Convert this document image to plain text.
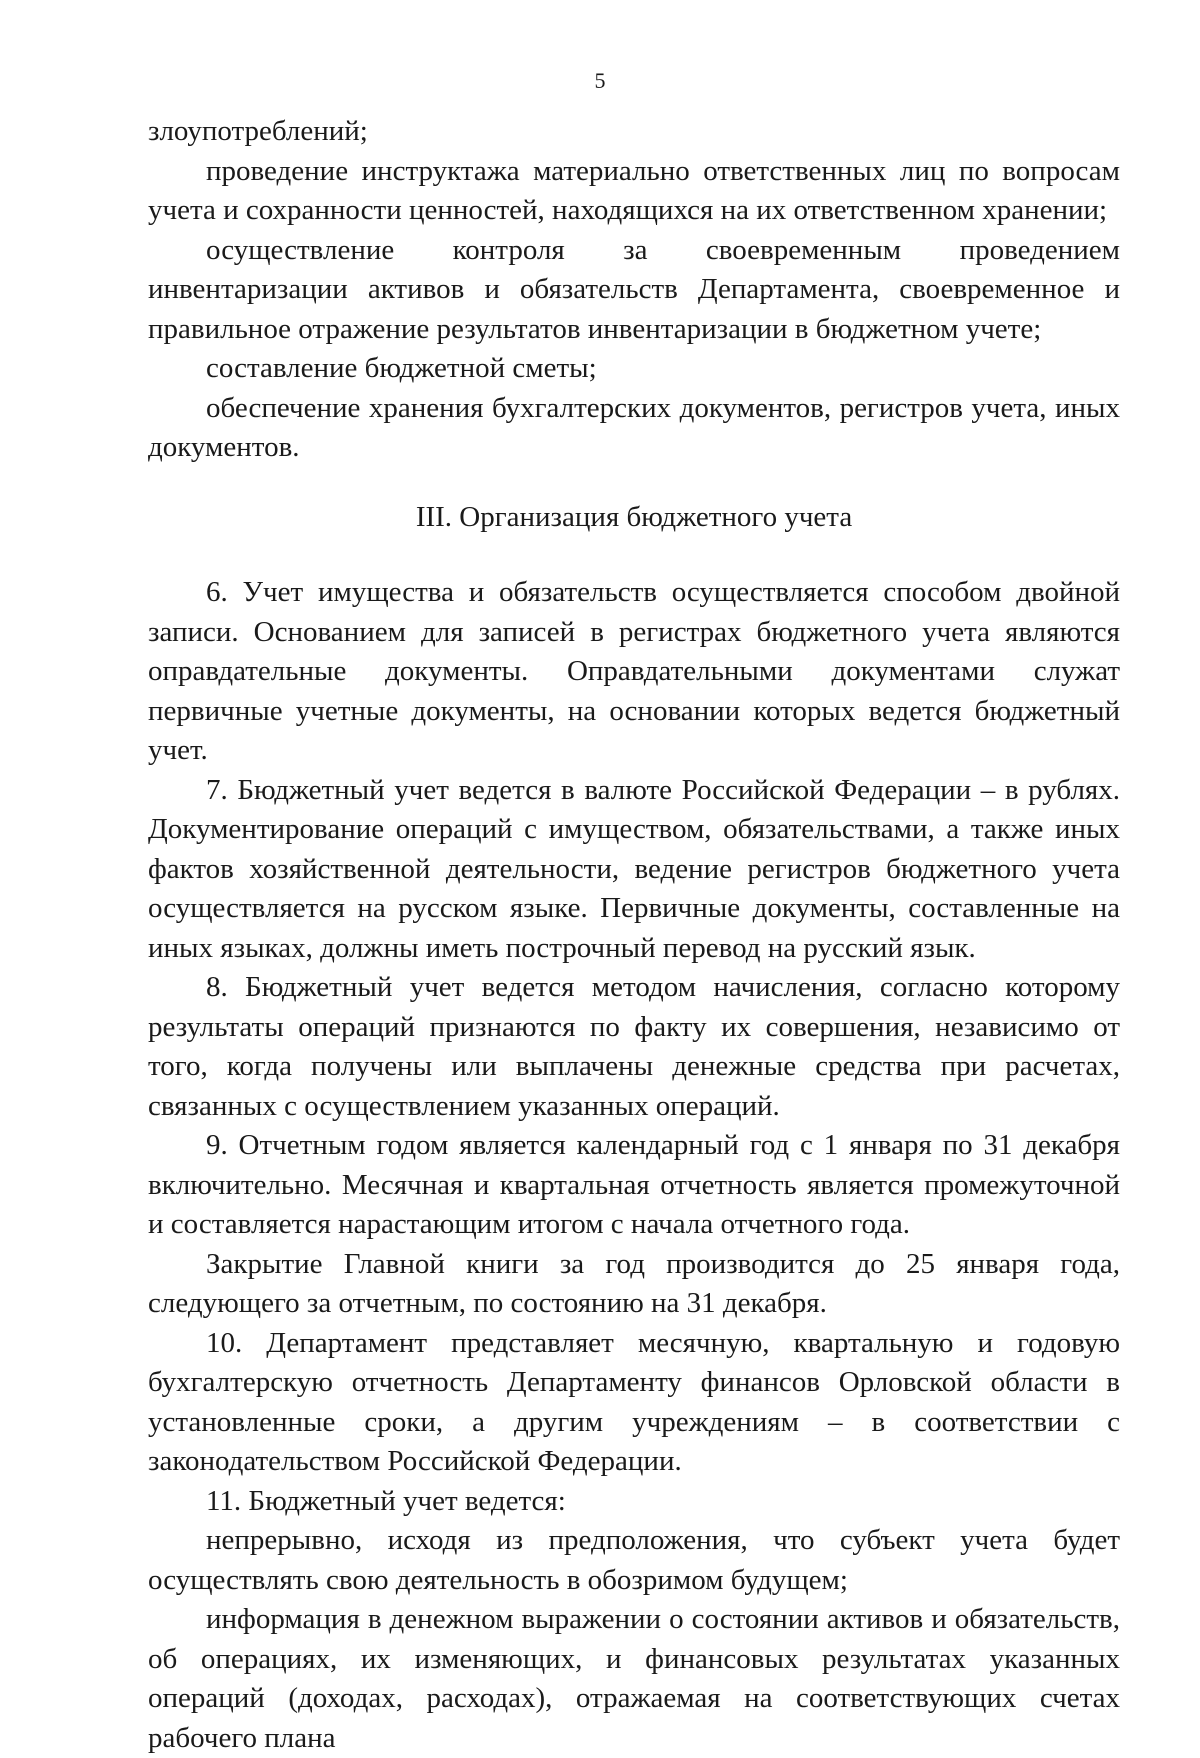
5

злоупотреблений;

проведение инструктажа материально ответственных лиц по вопросам учета и сохранности ценностей, находящихся на их ответственном хранении;

осуществление контроля за своевременным проведением инвентаризации активов и обязательств Департамента, своевременное и правильное отражение результатов инвентаризации в бюджетном учете;

составление бюджетной сметы;

обеспечение хранения бухгалтерских документов, регистров учета, иных документов.

III. Организация бюджетного учета

6. Учет имущества и обязательств осуществляется способом двойной записи. Основанием для записей в регистрах бюджетного учета являются оправдательные документы. Оправдательными документами служат первичные учетные документы, на основании которых ведется бюджетный учет.

7. Бюджетный учет ведется в валюте Российской Федерации – в рублях. Документирование операций с имуществом, обязательствами, а также иных фактов хозяйственной деятельности, ведение регистров бюджетного учета осуществляется на русском языке. Первичные документы, составленные на иных языках, должны иметь построчный перевод на русский язык.

8. Бюджетный учет ведется методом начисления, согласно которому результаты операций признаются по факту их совершения, независимо от того, когда получены или выплачены денежные средства при расчетах, связанных с осуществлением указанных операций.

9. Отчетным годом является календарный год с 1 января по 31 декабря включительно. Месячная и квартальная отчетность является промежуточной и составляется нарастающим итогом с начала отчетного года.

Закрытие Главной книги за год производится до 25 января года, следующего за отчетным, по состоянию на 31 декабря.

10. Департамент представляет месячную, квартальную и годовую бухгалтерскую отчетность Департаменту финансов Орловской области в установленные сроки, а другим учреждениям – в соответствии с законодательством Российской Федерации.

11. Бюджетный учет ведется:

непрерывно, исходя из предположения, что субъект учета будет осуществлять свою деятельность в обозримом будущем;

информация в денежном выражении о состоянии активов и обязательств, об операциях, их изменяющих, и финансовых результатах указанных операций (доходах, расходах), отражаемая на соответствующих счетах рабочего плана
